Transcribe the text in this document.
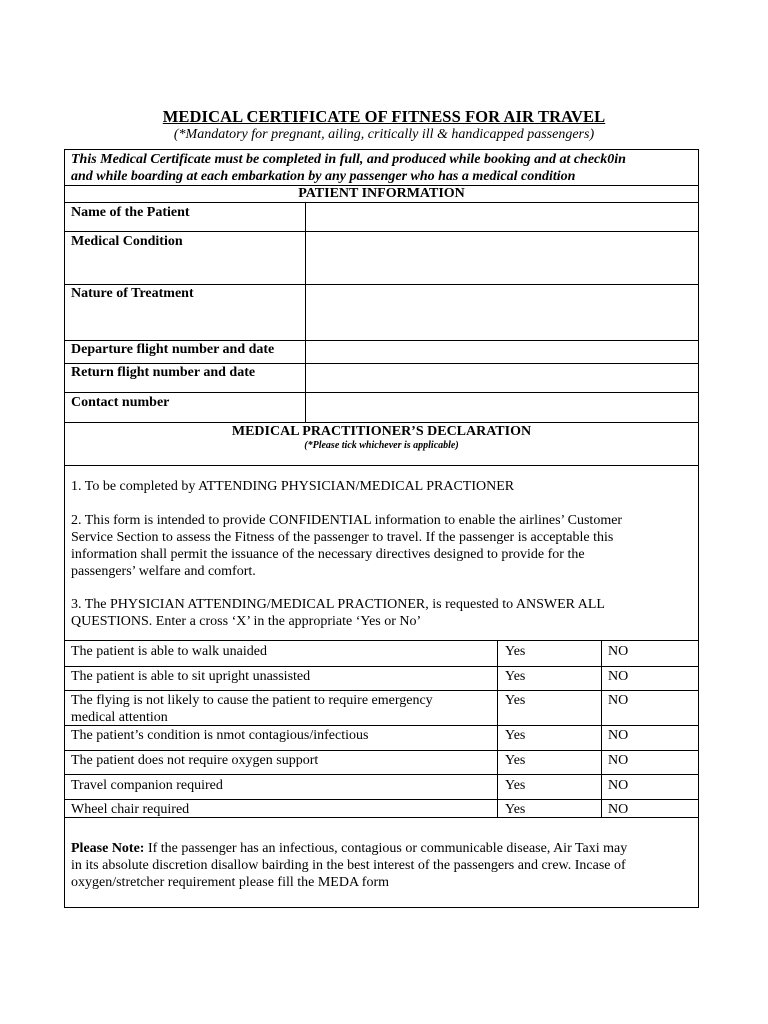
MEDICAL CERTIFICATE OF FITNESS FOR AIR TRAVEL
(*Mandatory for pregnant, ailing, critically ill & handicapped passengers)
This Medical Certificate must be completed in full, and produced while booking and at check0in
and while boarding at each embarkation by any passenger who has a medical condition
PATIENT INFORMATION
Name of the Patient
Medical Condition
Nature of Treatment
Departure flight number and date
Return flight number and date
Contact number
MEDICAL PRACTITIONER’S DECLARATION
(*Please tick whichever is applicable)
1. To be completed by ATTENDING PHYSICIAN/MEDICAL PRACTIONER
2. This form is intended to provide CONFIDENTIAL information to enable the airlines’ Customer
Service Section to assess the Fitness of the passenger to travel. If the passenger is acceptable this
information shall permit the issuance of the necessary directives designed to provide for the
passengers’ welfare and comfort.
3. The PHYSICIAN ATTENDING/MEDICAL PRACTIONER, is requested to ANSWER ALL
QUESTIONS. Enter a cross ‘X’ in the appropriate ‘Yes or No’
The patient is able to walk unaided	Yes	NO
The patient is able to sit upright unassisted	Yes	NO
The flying is not likely to cause the patient to require emergency
medical attention
Yes	NO
The patient’s condition is nmot contagious/infectious	Yes	NO
The patient does not require oxygen support	Yes	NO
Travel companion required	Yes	NO
Wheel chair required	Yes	NO
Please Note: If the passenger has an infectious, contagious or communicable disease, Air Taxi may
in its absolute discretion disallow bairding in the best interest of the passengers and crew. Incase of
oxygen/stretcher requirement please fill the MEDA form
